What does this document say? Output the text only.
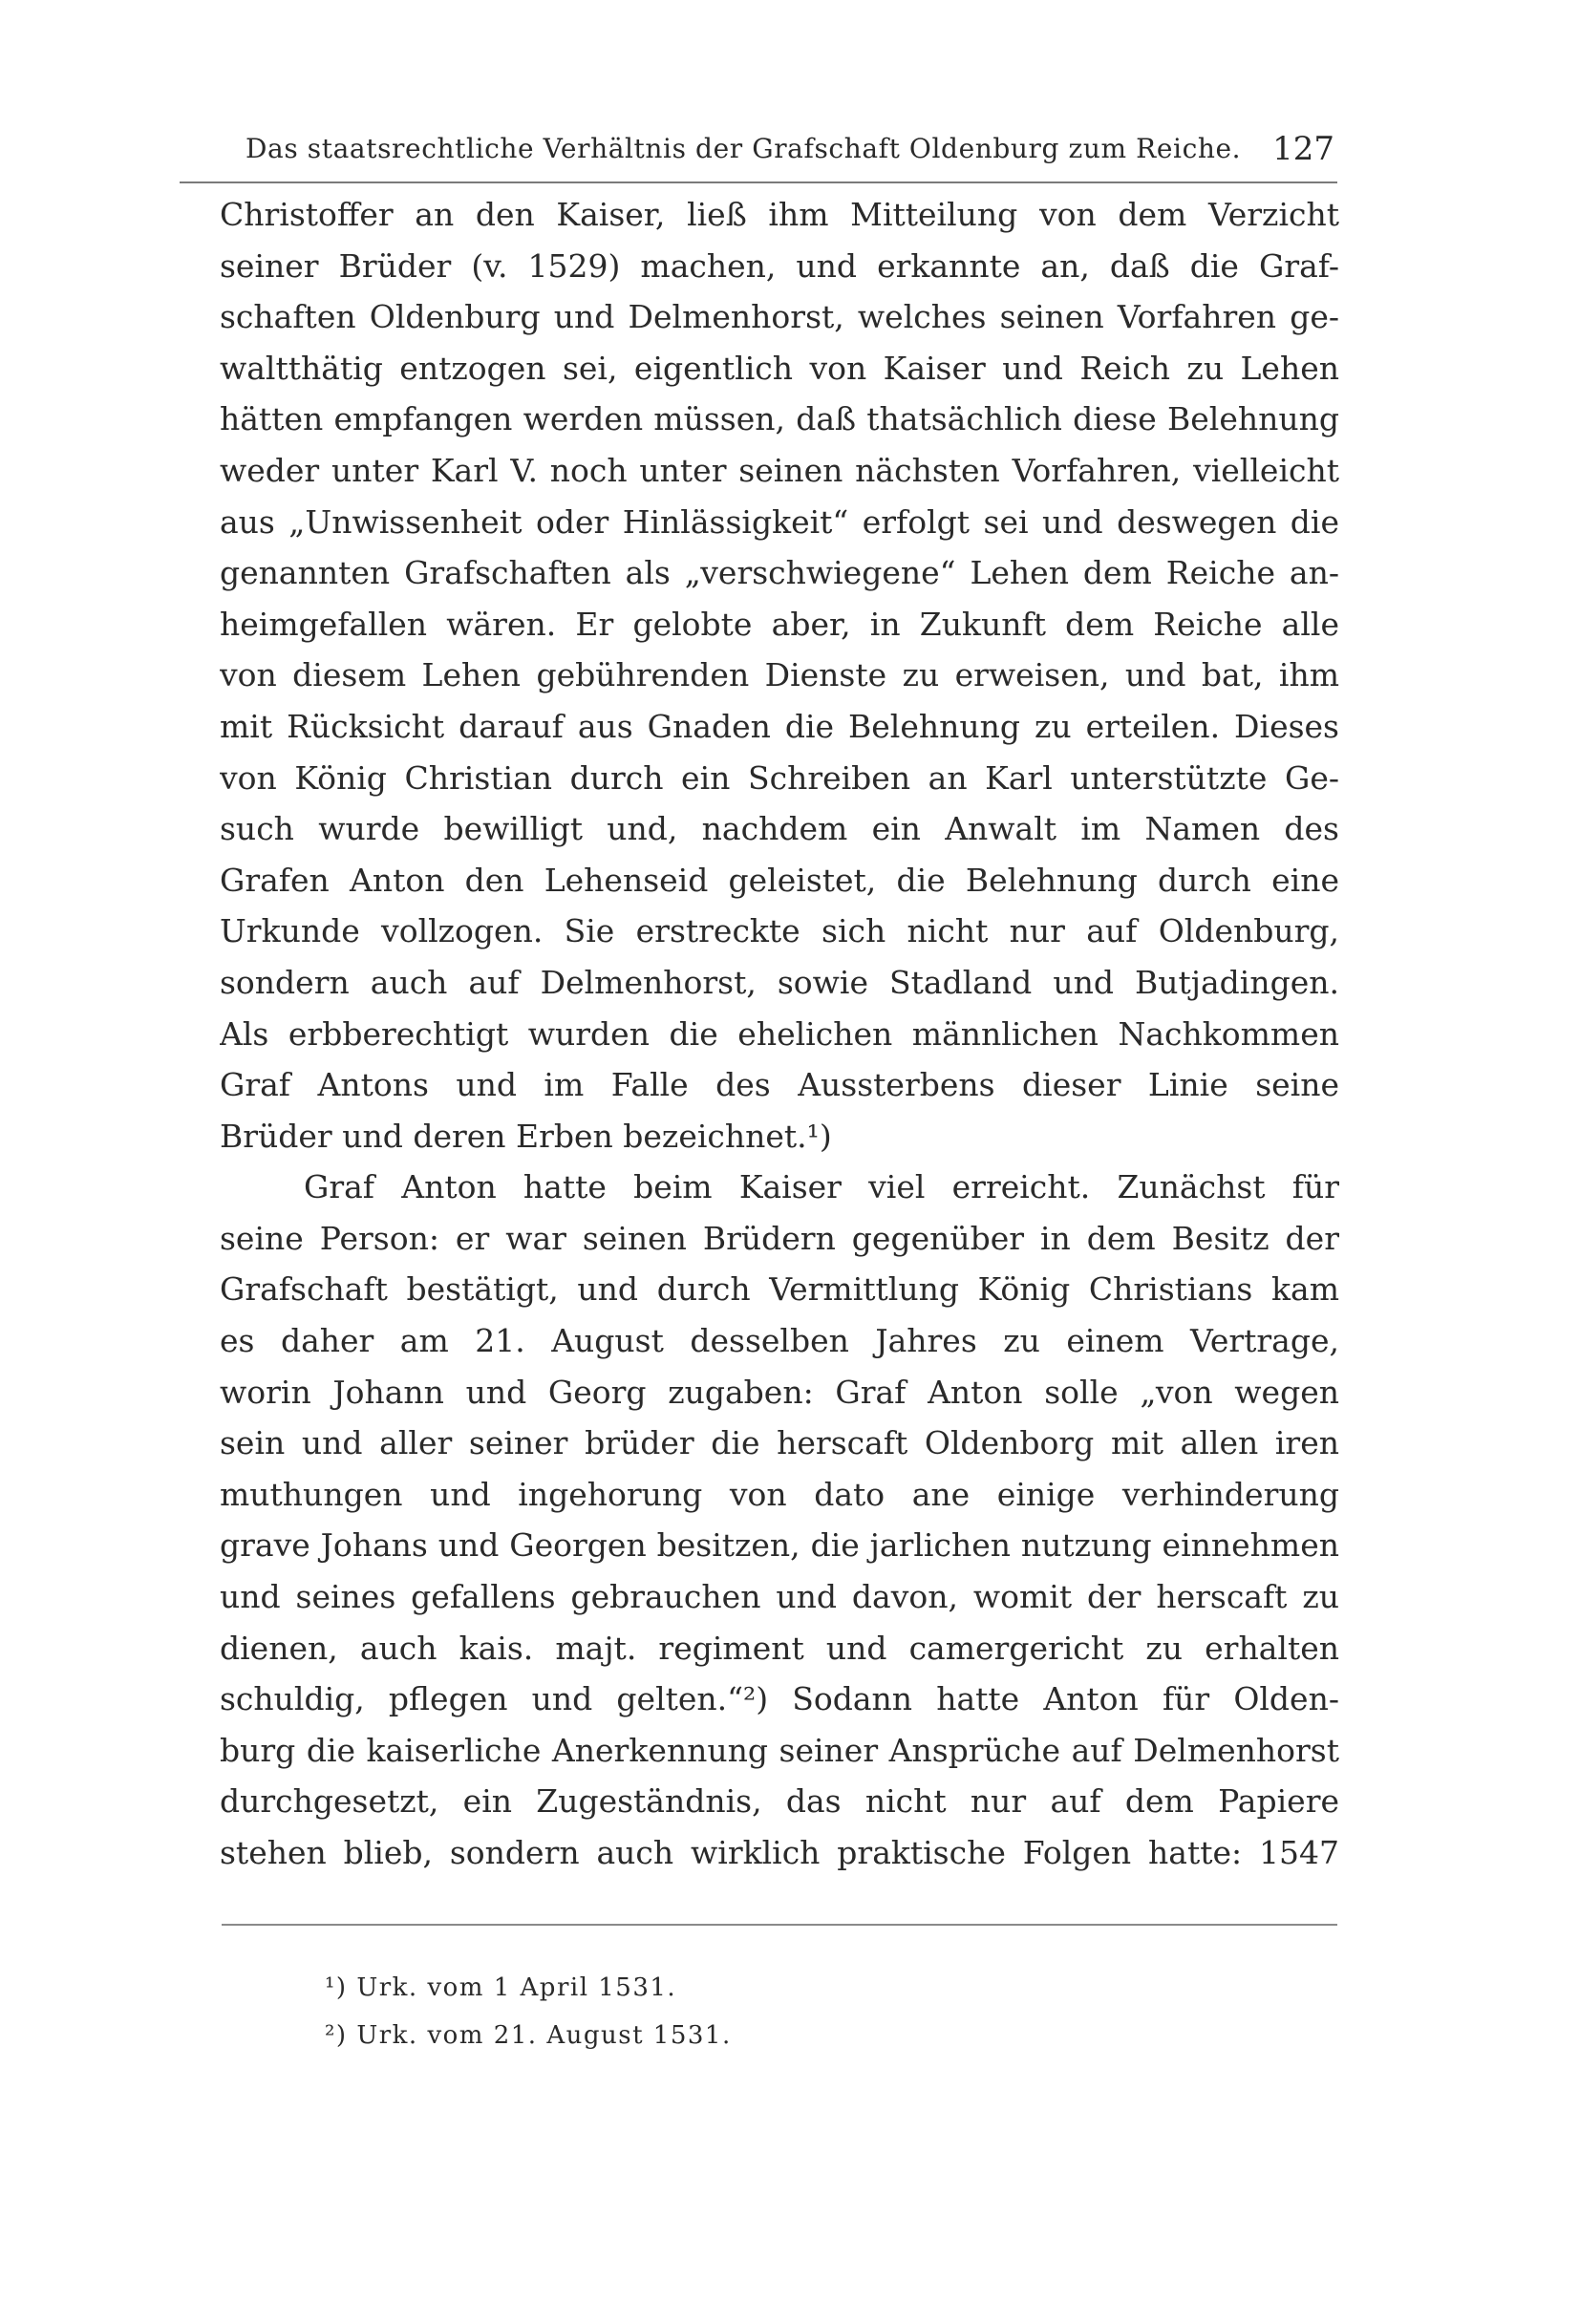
Das staatsrechtliche Verhältnis der Grafschaft Oldenburg zum Reiche. 127
Christoffer an den Kaiser, ließ ihm Mitteilung von dem Verzicht
seiner Brüder (v. 1529) machen, und erkannte an, daß die Graf-
schaften Oldenburg und Delmenhorst, welches seinen Vorfahren ge-
waltthätig entzogen sei, eigentlich von Kaiser und Reich zu Lehen
hätten empfangen werden müssen, daß thatsächlich diese Belehnung
weder unter Karl V. noch unter seinen nächsten Vorfahren, vielleicht
aus „Unwissenheit oder Hinlässigkeit“ erfolgt sei und deswegen die
genannten Grafschaften als „verschwiegene“ Lehen dem Reiche an-
heimgefallen wären. Er gelobte aber, in Zukunft dem Reiche alle
von diesem Lehen gebührenden Dienste zu erweisen, und bat, ihm
mit Rücksicht darauf aus Gnaden die Belehnung zu erteilen. Dieses
von König Christian durch ein Schreiben an Karl unterstützte Ge-
such wurde bewilligt und, nachdem ein Anwalt im Namen des
Grafen Anton den Lehenseid geleistet, die Belehnung durch eine
Urkunde vollzogen. Sie erstreckte sich nicht nur auf Oldenburg,
sondern auch auf Delmenhorst, sowie Stadland und Butjadingen.
Als erbberechtigt wurden die ehelichen männlichen Nachkommen
Graf Antons und im Falle des Aussterbens dieser Linie seine
Brüder und deren Erben bezeichnet.¹)
Graf Anton hatte beim Kaiser viel erreicht. Zunächst für
seine Person: er war seinen Brüdern gegenüber in dem Besitz der
Grafschaft bestätigt, und durch Vermittlung König Christians kam
es daher am 21. August desselben Jahres zu einem Vertrage,
worin Johann und Georg zugaben: Graf Anton solle „von wegen
sein und aller seiner brüder die herscaft Oldenborg mit allen iren
muthungen und ingehorung von dato ane einige verhinderung
grave Johans und Georgen besitzen, die jarlichen nutzung einnehmen
und seines gefallens gebrauchen und davon, womit der herscaft zu
dienen, auch kais. majt. regiment und camergericht zu erhalten
schuldig, pflegen und gelten.“²) Sodann hatte Anton für Olden-
burg die kaiserliche Anerkennung seiner Ansprüche auf Delmenhorst
durchgesetzt, ein Zugeständnis, das nicht nur auf dem Papiere
stehen blieb, sondern auch wirklich praktische Folgen hatte: 1547
¹) Urk. vom 1 April 1531.
²) Urk. vom 21. August 1531.
